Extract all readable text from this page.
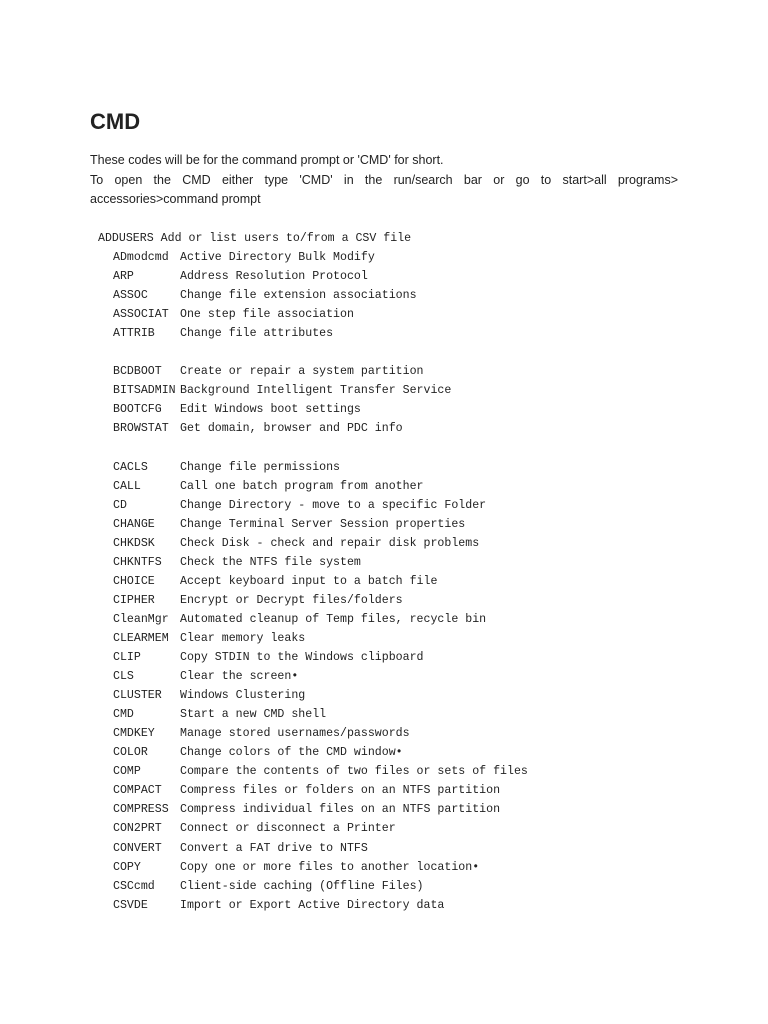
CMD

These codes will be for the command prompt or 'CMD' for short.

To open the CMD either type 'CMD' in the run/search bar or go to start>all programs> accessories>command prompt

ADDUSERS Add or list users to/from a CSV file
ADmodcmd Active Directory Bulk Modify
ARP	Address Resolution Protocol
ASSOC	Change file extension associations
ASSOCIAT One step file association
ATTRIB	Change file attributes
BCDBOOT	Create or repair a system partition
BITSADMIN Background Intelligent Transfer Service
BOOTCFG	Edit Windows boot settings
BROWSTAT Get domain, browser and PDC info
CACLS	Change file permissions
CALL	Call one batch program from another
CD	Change Directory - move to a specific Folder
CHANGE	Change Terminal Server Session properties
CHKDSK	Check Disk - check and repair disk problems
CHKNTFS	Check the NTFS file system
CHOICE	Accept keyboard input to a batch file
CIPHER	Encrypt or Decrypt files/folders
CleanMgr Automated cleanup of Temp files, recycle bin
CLEARMEM Clear memory leaks
CLIP	Copy STDIN to the Windows clipboard
CLS	Clear the screen•
CLUSTER	Windows Clustering
CMD	Start a new CMD shell
CMDKEY	Manage stored usernames/passwords
COLOR	Change colors of the CMD window•
COMP	Compare the contents of two files or sets of files
COMPACT	Compress files or folders on an NTFS partition
COMPRESS Compress individual files on an NTFS partition
CON2PRT	Connect or disconnect a Printer
CONVERT	Convert a FAT drive to NTFS
COPY	Copy one or more files to another location•
CSCcmd	Client-side caching (Offline Files)
CSVDE	Import or Export Active Directory data
